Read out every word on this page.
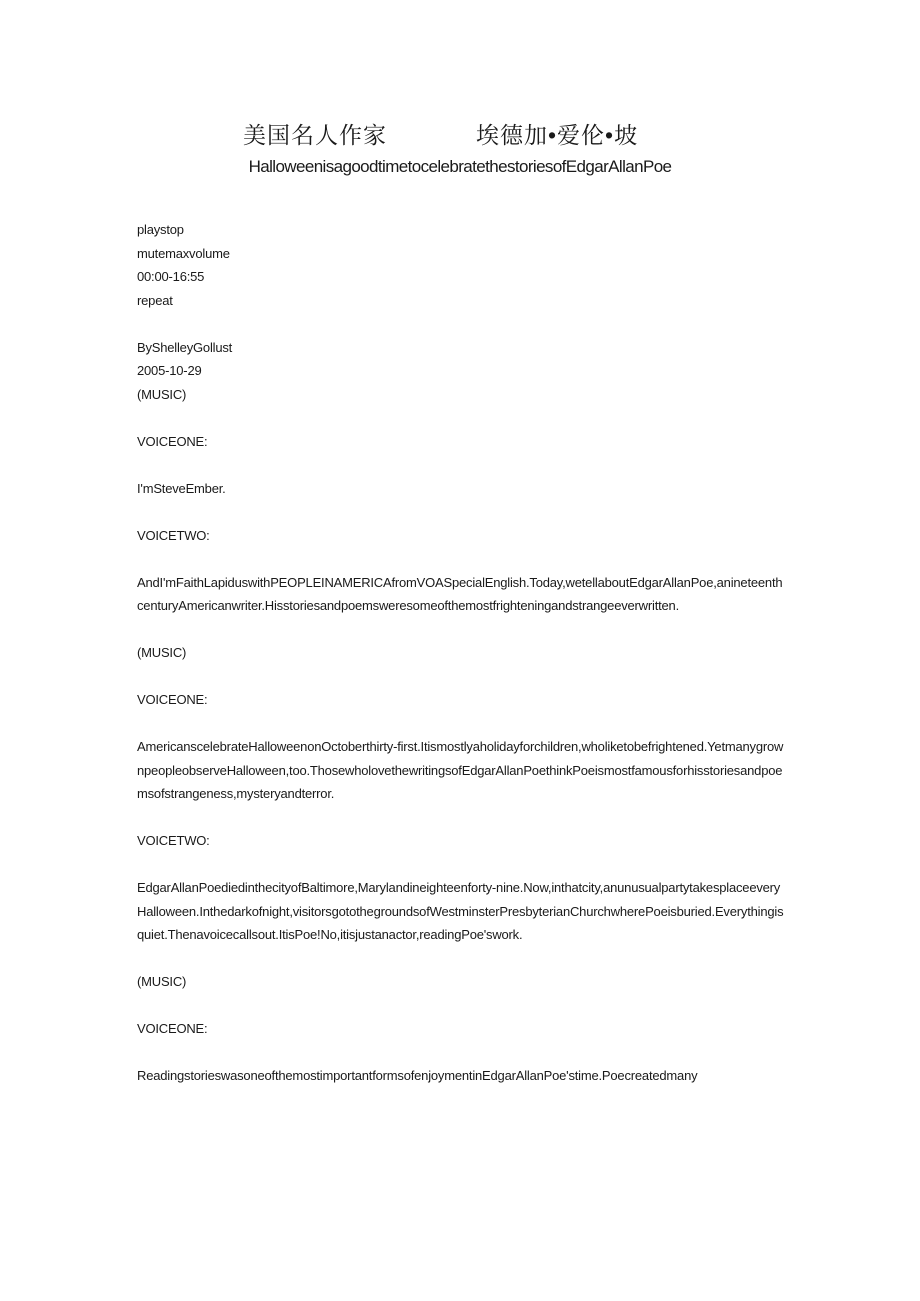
美国名人作家	埃德加•爱伦•坡
HalloweenisagoodtimetocelebratethestoriesofEdgarAllanPoe
playstop
mutemaxvolume
00:00-16:55
repeat
ByShelleyGollust
2005-10-29
(MUSIC)
VOICEONE:
I'mSteveEmber.
VOICETWO:
AndI'mFaithLapiduswithPEOPLEINAMERICAfromVOASpecialEnglish.Today,wetellaboutEdgarAllanPoe,anineteenthcenturyAmericanwriter.Hisstoriesandpoemsweresomeofthemostfrighteningandstrangeeverwritten.
(MUSIC)
VOICEONE:
AmericanscelebrateHalloweenonOctoberthirty-first.Itismostlyaholidayforchildren,wholiketobefrightened.YetmanygrownpeopleobserveHalloween,too.ThosewholovethewritingsofEdgarAllanPoethinkPoeismostfamousforhisstoriesandpoemsofstrangeness,mysteryandterror.
VOICETWO:
EdgarAllanPoediedinthecityofBaltimore,Marylandineighteenforty-nine.Now,inthatcity,anunusualpartytakesplaceeveryHalloween.Inthedarkofnight,visitorsgotothegroundsofWestminsterPresbyterianChurchwherePoeisburied.Everythingisquiet.Thenavoicecallsout.ItisPoe!No,itisjustanactor,readingPoe'swork.
(MUSIC)
VOICEONE:
ReadingstorieswasoneofthemostimportantformsofenjoymentinEdgarAllanPoe'stime.Poecreatedmany
